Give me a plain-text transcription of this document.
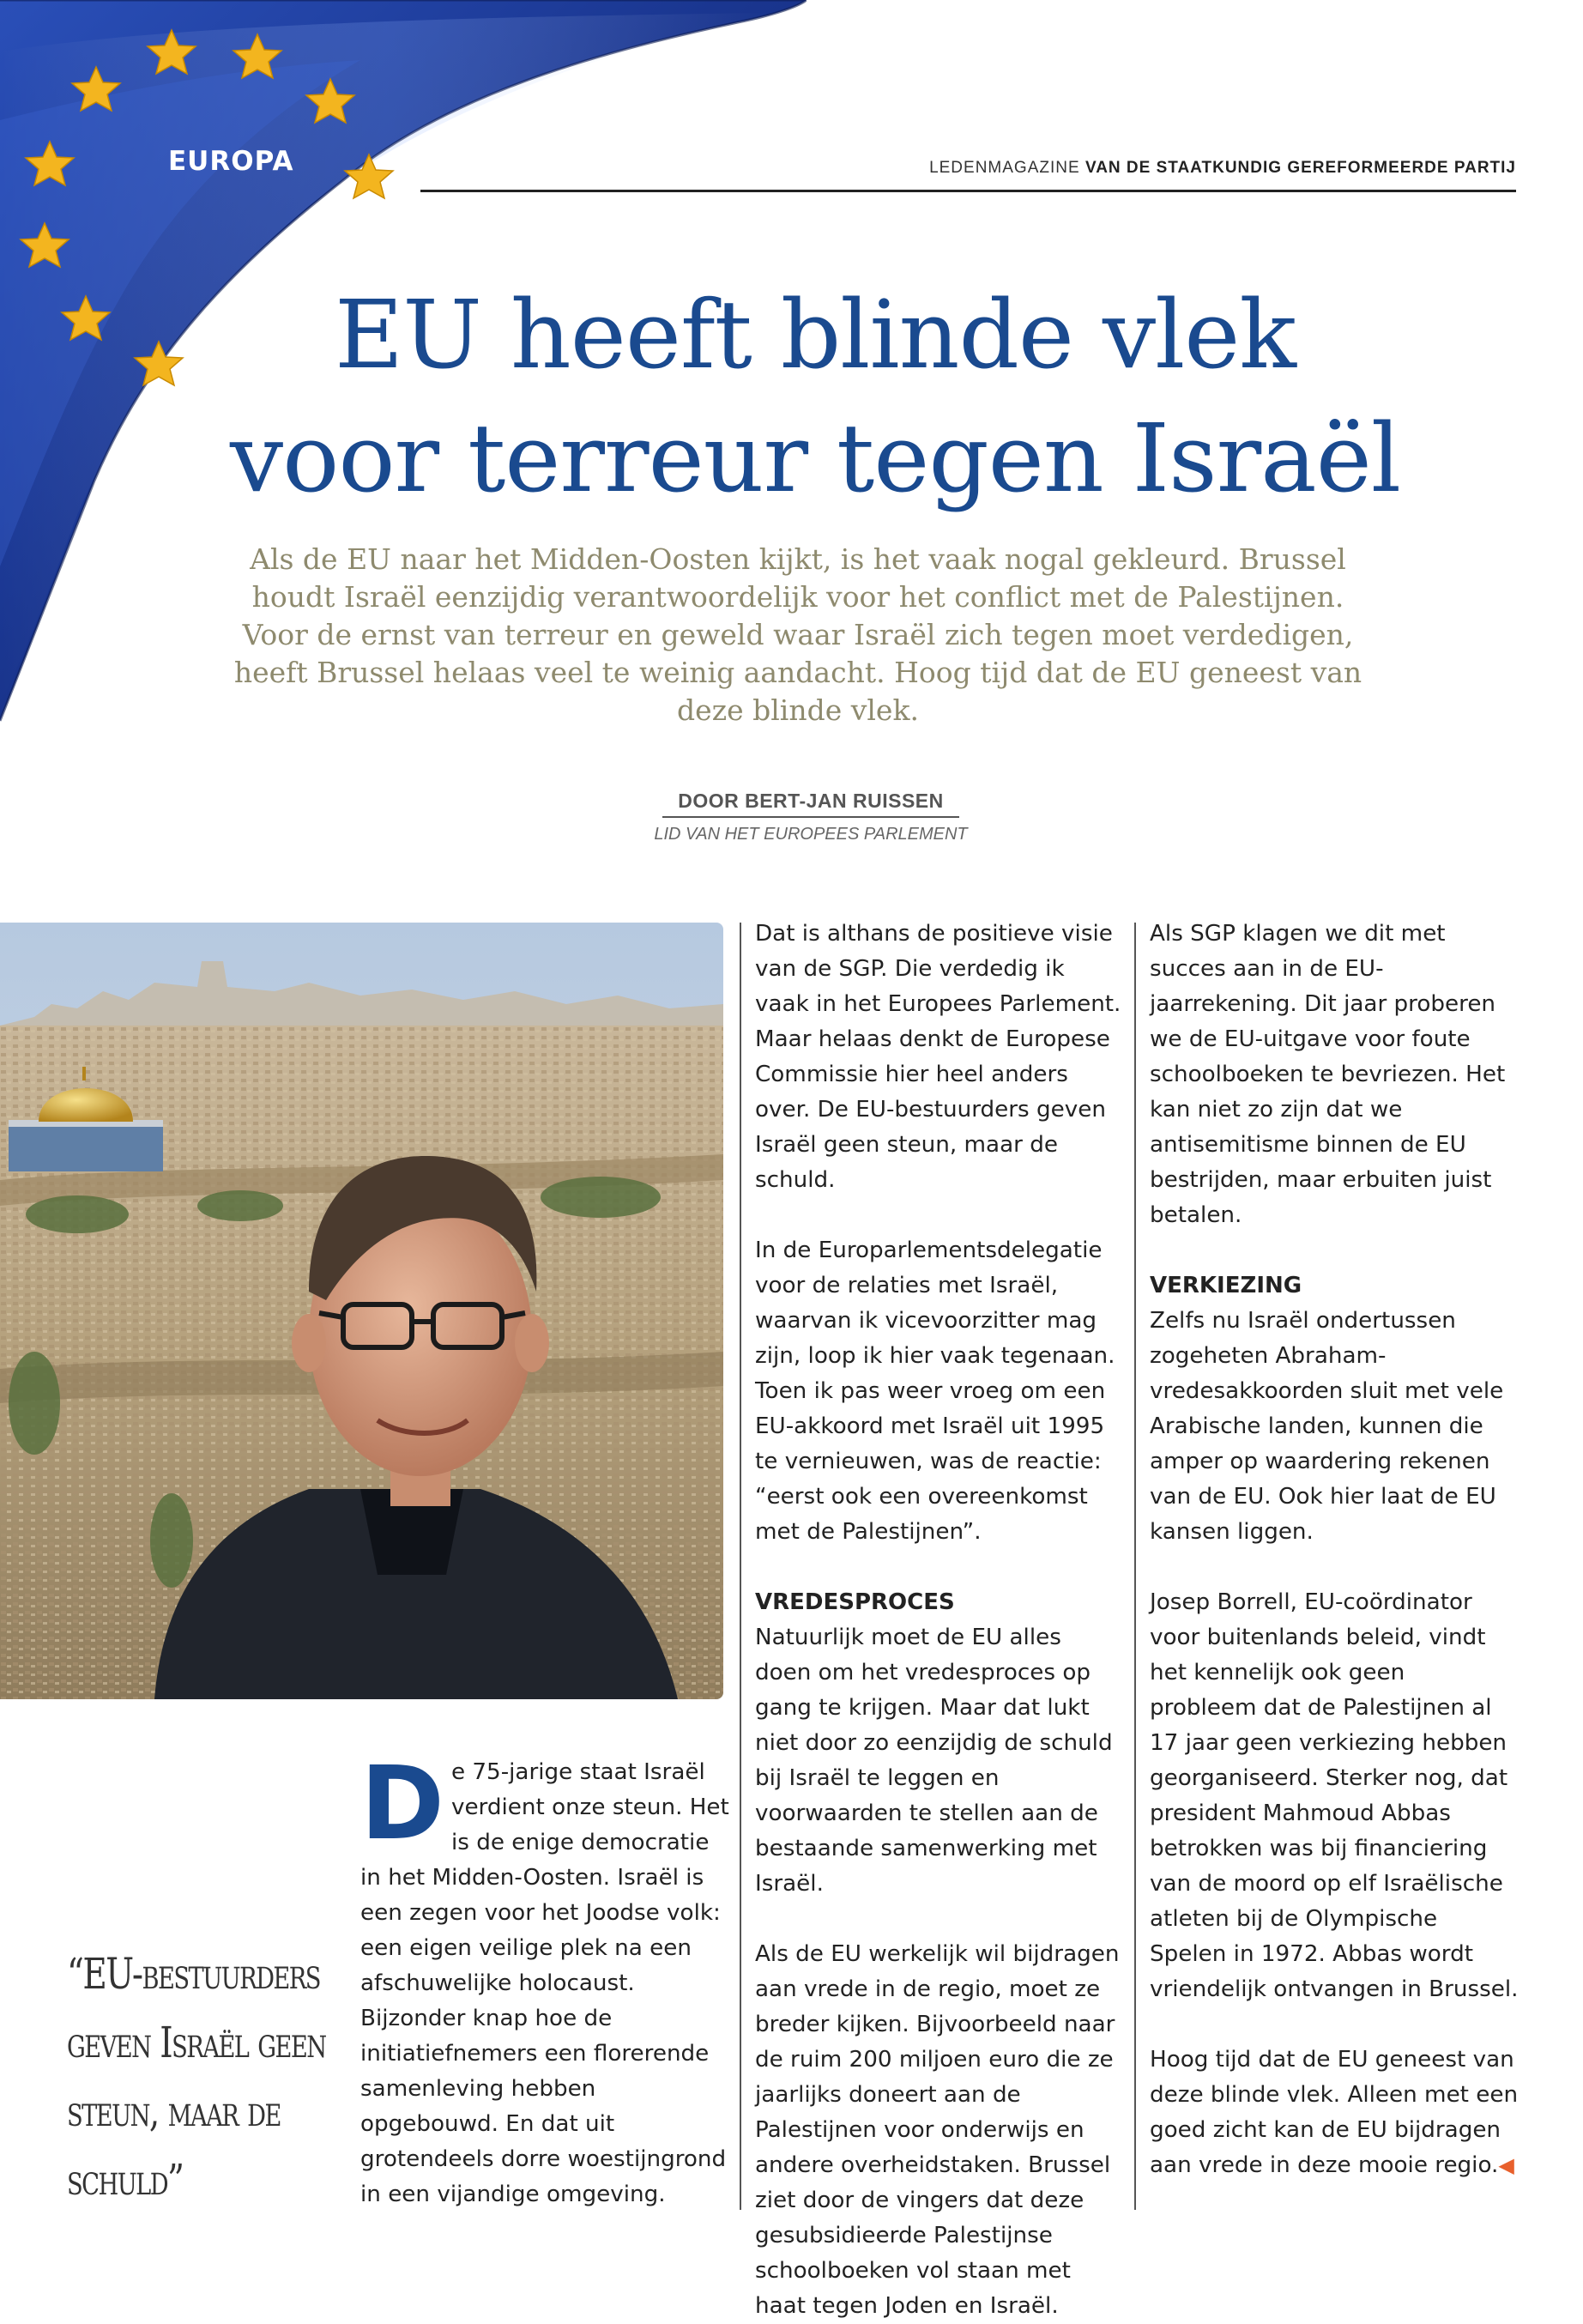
EUROPA	LEDENMAGAZINE VAN DE STAATKUNDIG GEREFORMEERDE PARTIJ
EU heeft blinde vlek
voor terreur tegen Israël

Als de EU naar het Midden-Oosten kijkt, is het vaak nogal gekleurd. Brussel houdt Israël eenzijdig verantwoordelijk voor het conflict met de Palestijnen. Voor de ernst van terreur en geweld waar Israël zich tegen moet verdedigen, heeft Brussel helaas veel te weinig aandacht. Hoog tijd dat de EU geneest van deze blinde vlek.

DOOR BERT-JAN RUISSEN
LID VAN HET EUROPEES PARLEMENT

De 75-jarige staat Israël verdient onze steun. Het is de enige democratie in het Midden-Oosten. Israël is een zegen voor het Joodse volk: een eigen veilige plek na een afschuwelijke holocaust. Bijzonder knap hoe de initiatiefnemers een florerende samenleving hebben opgebouwd. En dat uit grotendeels dorre woestijngrond in een vijandige omgeving.

Dat is althans de positieve visie van de SGP. Die verdedig ik vaak in het Europees Parlement. Maar helaas denkt de Europese Commissie hier heel anders over. De EU-bestuurders geven Israël geen steun, maar de schuld.

In de Europarlementsdelegatie voor de relaties met Israël, waarvan ik vicevoorzitter mag zijn, loop ik hier vaak tegenaan. Toen ik pas weer vroeg om een EU-akkoord met Israël uit 1995 te vernieuwen, was de reactie: “eerst ook een overeenkomst met de Palestijnen”.

VREDESPROCES

Natuurlijk moet de EU alles doen om het vredesproces op gang te krijgen. Maar dat lukt niet door zo eenzijdig de schuld bij Israël te leggen en voorwaarden te stellen aan de bestaande samenwerking met Israël.

Als de EU werkelijk wil bijdragen aan vrede in de regio, moet ze breder kijken. Bijvoorbeeld naar de ruim 200 miljoen euro die ze jaarlijks doneert aan de Palestijnen voor onderwijs en andere overheidstaken. Brussel ziet door de vingers dat deze gesubsidieerde Palestijnse schoolboeken vol staan met haat tegen Joden en Israël.

Als SGP klagen we dit met succes aan in de EU-jaarrekening. Dit jaar proberen we de EU-uitgave voor foute schoolboeken te bevriezen. Het kan niet zo zijn dat we antisemitisme binnen de EU bestrijden, maar erbuiten juist betalen.

VERKIEZING

Zelfs nu Israël ondertussen zogeheten Abraham-vredesakkoorden sluit met vele Arabische landen, kunnen die amper op waardering rekenen van de EU. Ook hier laat de EU kansen liggen.

Josep Borrell, EU-coördinator voor buitenlands beleid, vindt het kennelijk ook geen probleem dat de Palestijnen al 17 jaar geen verkiezing hebben georganiseerd. Sterker nog, dat president Mahmoud Abbas betrokken was bij financiering van de moord op elf Israëlische atleten bij de Olympische Spelen in 1972. Abbas wordt vriendelijk ontvangen in Brussel.

Hoog tijd dat de EU geneest van deze blinde vlek. Alleen met een goed zicht kan de EU bijdragen aan vrede in deze mooie regio.◀

“EU-bestuurders
geven Israël geen
steun, maar de
schuld”
